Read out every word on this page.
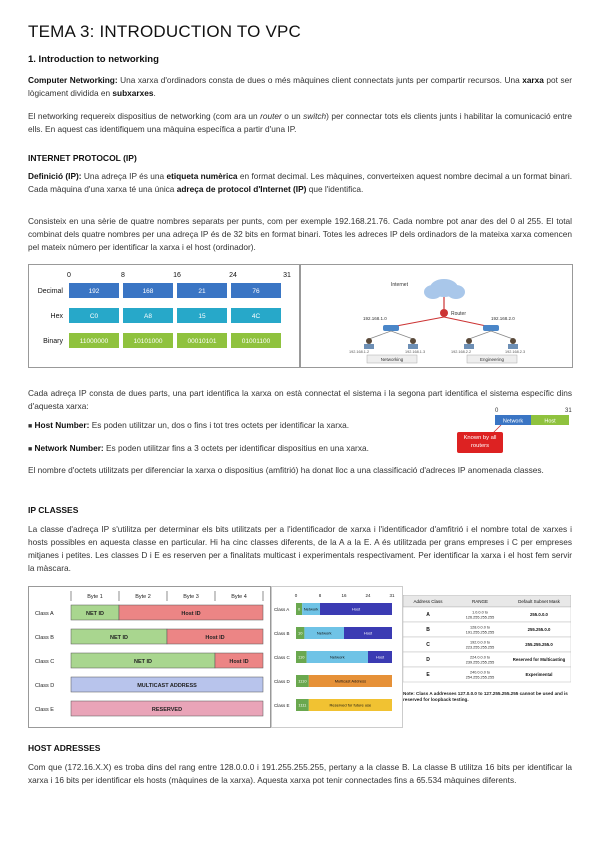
TEMA 3: INTRODUCTION TO VPC
1. Introduction to networking
Computer Networking: Una xarxa d'ordinadors consta de dues o més màquines client connectats junts per compartir recursos. Una xarxa pot ser lògicament dividida en subxarxes.
El networking requereix dispositius de networking (com ara un router o un switch) per connectar tots els clients junts i habilitar la comunicació entre ells. En aquest cas identifiquem una màquina específica a partir d'una IP.
INTERNET PROTOCOL (IP)
Definició (IP): Una adreça IP és una etiqueta numèrica en format decimal. Les màquines, converteixen aquest nombre decimal a un format binari. Cada màquina d'una xarxa té una única adreça de protocol d'Internet (IP) que l'identifica.
Consisteix en una sèrie de quatre nombres separats per punts, com per exemple 192.168.21.76. Cada nombre pot anar des del 0 al 255. El total combinat dels quatre nombres per una adreça IP és de 32 bits en format binari. Totes les adreces IP dels ordinadors de la mateixa xarxa comencen pel mateix número per identificar la xarxa i el host (ordinador).
0	8	16	24	31
Decimal	192	168	21	76
Hex	C0	A8	15	4C
Binary	11000000	10101000	00010101	01001100
Internet
Router
192.168.1.0	192.168.2.0
192.168.1.2	192.168.1.3	192.168.2.2	192.168.2.3
Networking	Engineering
Cada adreça IP consta de dues parts, una part identifica la xarxa on està connectat el sistema i la segona part identifica el sistema específic dins d'aquesta xarxa:
■ Host Number: Es poden utilitzar un, dos o fins i tot tres octets per identificar la xarxa.
■ Network Number: Es poden utilitzar fins a 3 octets per identificar dispositius en una xarxa.
0	31
Network	Host
Known by all routers
El nombre d'octets utilitzats per diferenciar la xarxa o dispositius (amfitrió) ha donat lloc a una classificació d'adreces IP anomenada classes.
IP CLASSES
La classe d'adreça IP s'utilitza per determinar els bits utilitzats per a l'identificador de xarxa i l'identificador d'amfitrió i el nombre total de xarxes i hosts possibles en aquesta classe en particular. Hi ha cinc classes diferents, de la A a la E. A és utilitzada per grans empreses i C per empreses mitjanes i petites. Les classes D i E es reserven per a finalitats multicast i experimentals respectivament. Per identificar la xarxa i el host fem servir la màscara.
Byte 1	Byte 2	Byte 3	Byte 4
Class A	NET ID	Host ID
Class B	NET ID	Host ID
Class C	NET ID	Host ID
Class D	MULTICAST ADDRESS
Class E	RESERVED
0	8	16	24	31
Class A 0 Network	Host
Class B 10	Network	Host
Class C 110	Network	Host
Class D 1110	Multicast Address
Class E 1111	Reserved for future use
Address Class	RANGE	Default Subnet Mask
A	1.0.0.0 to
126.255.255.255
255.0.0.0
B	128.0.0.0 to
191.255.255.255
255.255.0.0
C	192.0.0.0 to
223.255.255.255
255.255.255.0
D	224.0.0.0 to
239.255.255.255
Reserved for Multicasting
E	240.0.0.0 to
254.255.255.255
Experimental
Note: Class A addresses 127.0.0.0 to 127.255.255.255 cannot be used and is reserved for loopback testing.
HOST ADRESSES
Com que (172.16.X.X) es troba dins del rang entre 128.0.0.0 i 191.255.255.255, pertany a la classe B. La classe B utilitza 16 bits per identificar la xarxa i 16 bits per identificar els hosts (màquines de la xarxa). Aquesta xarxa pot tenir connectades fins a 65.534 màquines diferents.
